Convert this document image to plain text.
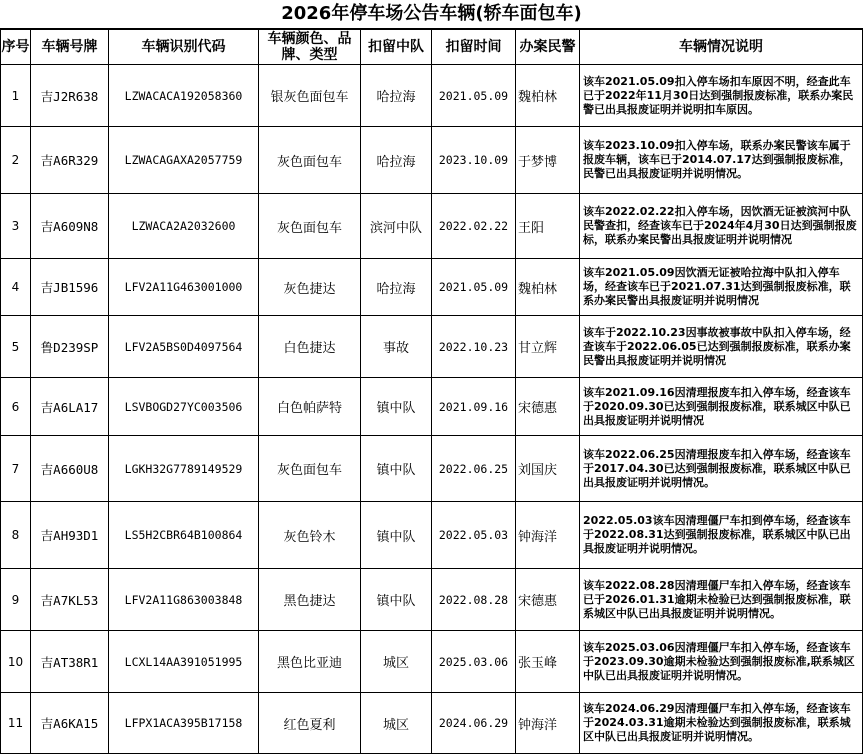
2026年停车场公告车辆(轿车面包车)
序号	车辆号牌	车辆识别代码	车辆颜色、品牌、类型	扣留中队	扣留时间	办案民警	车辆情况说明
1	吉J2R638	LZWACACA192058360	银灰色面包车	哈拉海	2021.05.09	魏柏林	该车2021.05.09扣入停车场扣车原因不明，经查此车已于2022年11月30日达到强制报废标准，联系办案民警已出具报废证明并说明扣车原因。
2	吉A6R329	LZWACAGAXA2057759	灰色面包车	哈拉海	2023.10.09	于梦博	该车2023.10.09扣入停车场，联系办案民警该车属于报废车辆，该车已于2014.07.17达到强制报废标准，民警已出具报废证明并说明情况。
3	吉A609N8	LZWACA2A2032600	灰色面包车	滨河中队	2022.02.22	王阳	该车2022.02.22扣入停车场，因饮酒无证被滨河中队民警查扣，经查该车已于2024年4月30日达到强制报废标，联系办案民警出具报废证明并说明情况
4	吉JB1596	LFV2A11G463001000	灰色捷达	哈拉海	2021.05.09	魏柏林	该车2021.05.09因饮酒无证被哈拉海中队扣入停车场，经查该车已于2021.07.31达到强制报废标准，联系办案民警出具报废证明并说明情况
5	鲁D239SP	LFV2A5BS0D4097564	白色捷达	事故	2022.10.23	甘立辉	该车于2022.10.23因事故被事故中队扣入停车场，经查该车于2022.06.05已达到强制报废标准，联系办案民警出具报废证明并说明情况
6	吉A6LA17	LSVBOGD27YC003506	白色帕萨特	镇中队	2021.09.16	宋德惠	该车2021.09.16因清理报废车扣入停车场，经查该车于2020.09.30已达到强制报废标准，联系城区中队已出具报废证明并说明情况
7	吉A660U8	LGKH32G7789149529	灰色面包车	镇中队	2022.06.25	刘国庆	该车2022.06.25因清理报废车扣入停车场，经查该车于2017.04.30已达到强制报废标准，联系城区中队已出具报废证明并说明情况。
8	吉AH93D1	LS5H2CBR64B100864	灰色铃木	镇中队	2022.05.03	钟海洋	2022.05.03该车因清理僵尸车扣到停车场，经查该车于2022.08.31达到强制报废标准，联系城区中队已出具报废证明并说明情况。
9	吉A7KL53	LFV2A11G863003848	黑色捷达	镇中队	2022.08.28	宋德惠	该车2022.08.28因清理僵尸车扣入停车场，经查该车已于2026.01.31逾期未检验已达到强制报废标准，联系城区中队已出具报废证明并说明情况。
10	吉AT38R1	LCXL14AA391051995	黑色比亚迪	城区	2025.03.06	张玉峰	该车2025.03.06因清理僵尸车扣入停车场，经查该车于2023.09.30逾期未检验达到强制报废标准,联系城区中队已出具报废证明并说明情况。
11	吉A6KA15	LFPX1ACA395B17158	红色夏利	城区	2024.06.29	钟海洋	该车2024.06.29因清理僵尸车扣入停车场，经查该车于2024.03.31逾期未检验达到强制报废标准，联系城区中队已出具报废证明并说明情况。
